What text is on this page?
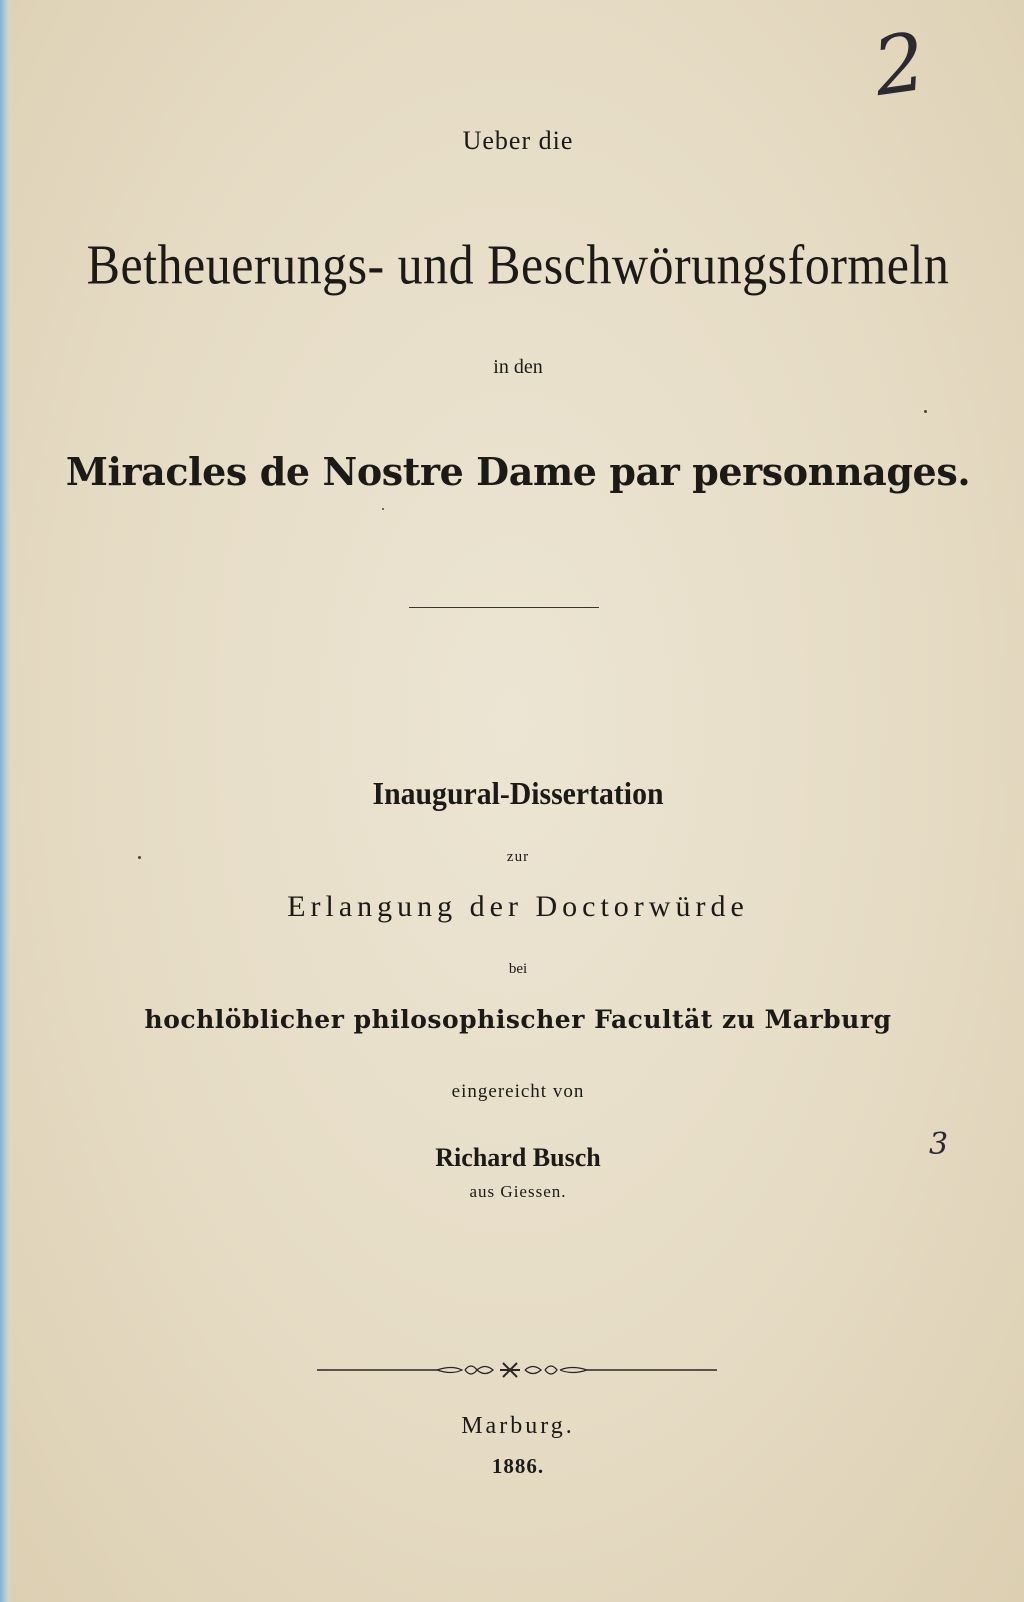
2
Ueber die
Betheuerungs- und Beschwörungsformeln
in den
Miracles de Nostre Dame par personnages.
Inaugural-Dissertation
zur
Erlangung der Doctorwürde
bei
hochlöblicher philosophischer Facultät zu Marburg
eingereicht von
Richard Busch
aus Giessen.
3
Marburg.
1886.
